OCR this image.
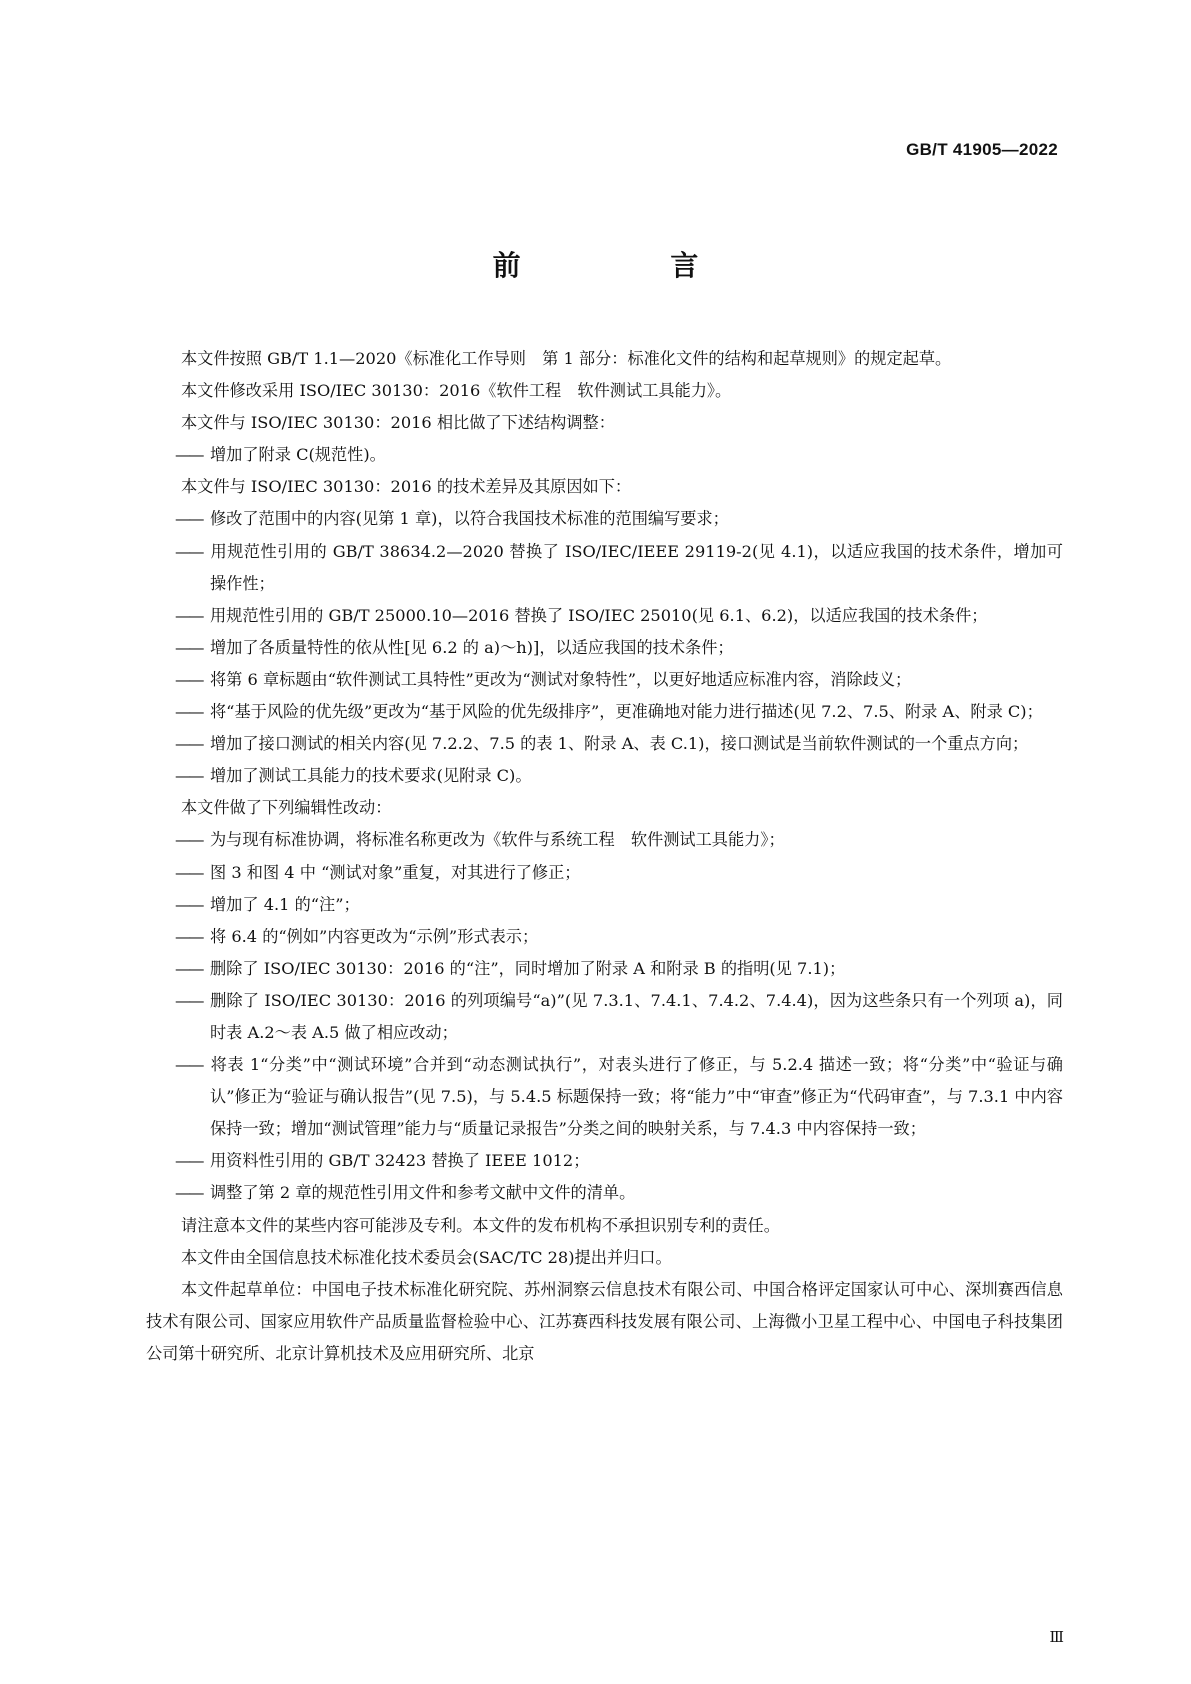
GB/T 41905—2022
前 言
本文件按照 GB/T 1.1—2020《标准化工作导则　第 1 部分：标准化文件的结构和起草规则》的规定起草。
本文件修改采用 ISO/IEC 30130：2016《软件工程　软件测试工具能力》。
本文件与 ISO/IEC 30130：2016 相比做了下述结构调整：
—— 增加了附录 C(规范性)。
本文件与 ISO/IEC 30130：2016 的技术差异及其原因如下：
—— 修改了范围中的内容(见第 1 章)，以符合我国技术标准的范围编写要求；
—— 用规范性引用的 GB/T 38634.2—2020 替换了 ISO/IEC/IEEE 29119-2(见 4.1)，以适应我国的技术条件，增加可操作性；
—— 用规范性引用的 GB/T 25000.10—2016 替换了 ISO/IEC 25010(见 6.1、6.2)，以适应我国的技术条件；
—— 增加了各质量特性的依从性[见 6.2 的 a)～h)]，以适应我国的技术条件；
—— 将第 6 章标题由“软件测试工具特性”更改为“测试对象特性”，以更好地适应标准内容，消除歧义；
—— 将“基于风险的优先级”更改为“基于风险的优先级排序”，更准确地对能力进行描述(见 7.2、7.5、附录 A、附录 C)；
—— 增加了接口测试的相关内容(见 7.2.2、7.5 的表 1、附录 A、表 C.1)，接口测试是当前软件测试的一个重点方向；
—— 增加了测试工具能力的技术要求(见附录 C)。
本文件做了下列编辑性改动：
—— 为与现有标准协调，将标准名称更改为《软件与系统工程　软件测试工具能力》；
—— 图 3 和图 4 中 “测试对象”重复，对其进行了修正；
—— 增加了 4.1 的“注”；
—— 将 6.4 的“例如”内容更改为“示例”形式表示；
—— 删除了 ISO/IEC 30130：2016 的“注”，同时增加了附录 A 和附录 B 的指明(见 7.1)；
—— 删除了 ISO/IEC 30130：2016 的列项编号“a)”(见 7.3.1、7.4.1、7.4.2、7.4.4)，因为这些条只有一个列项 a)，同时表 A.2～表 A.5 做了相应改动；
—— 将表 1“分类”中“测试环境”合并到“动态测试执行”，对表头进行了修正，与 5.2.4 描述一致；将“分类”中“验证与确认”修正为“验证与确认报告”(见 7.5)，与 5.4.5 标题保持一致；将“能力”中“审查”修正为“代码审查”，与 7.3.1 中内容保持一致；增加“测试管理”能力与“质量记录报告”分类之间的映射关系，与 7.4.3 中内容保持一致；
—— 用资料性引用的 GB/T 32423 替换了 IEEE 1012；
—— 调整了第 2 章的规范性引用文件和参考文献中文件的清单。
请注意本文件的某些内容可能涉及专利。本文件的发布机构不承担识别专利的责任。
本文件由全国信息技术标准化技术委员会(SAC/TC 28)提出并归口。
本文件起草单位：中国电子技术标准化研究院、苏州洞察云信息技术有限公司、中国合格评定国家认可中心、深圳赛西信息技术有限公司、国家应用软件产品质量监督检验中心、江苏赛西科技发展有限公司、上海微小卫星工程中心、中国电子科技集团公司第十研究所、北京计算机技术及应用研究所、北京
Ⅲ
